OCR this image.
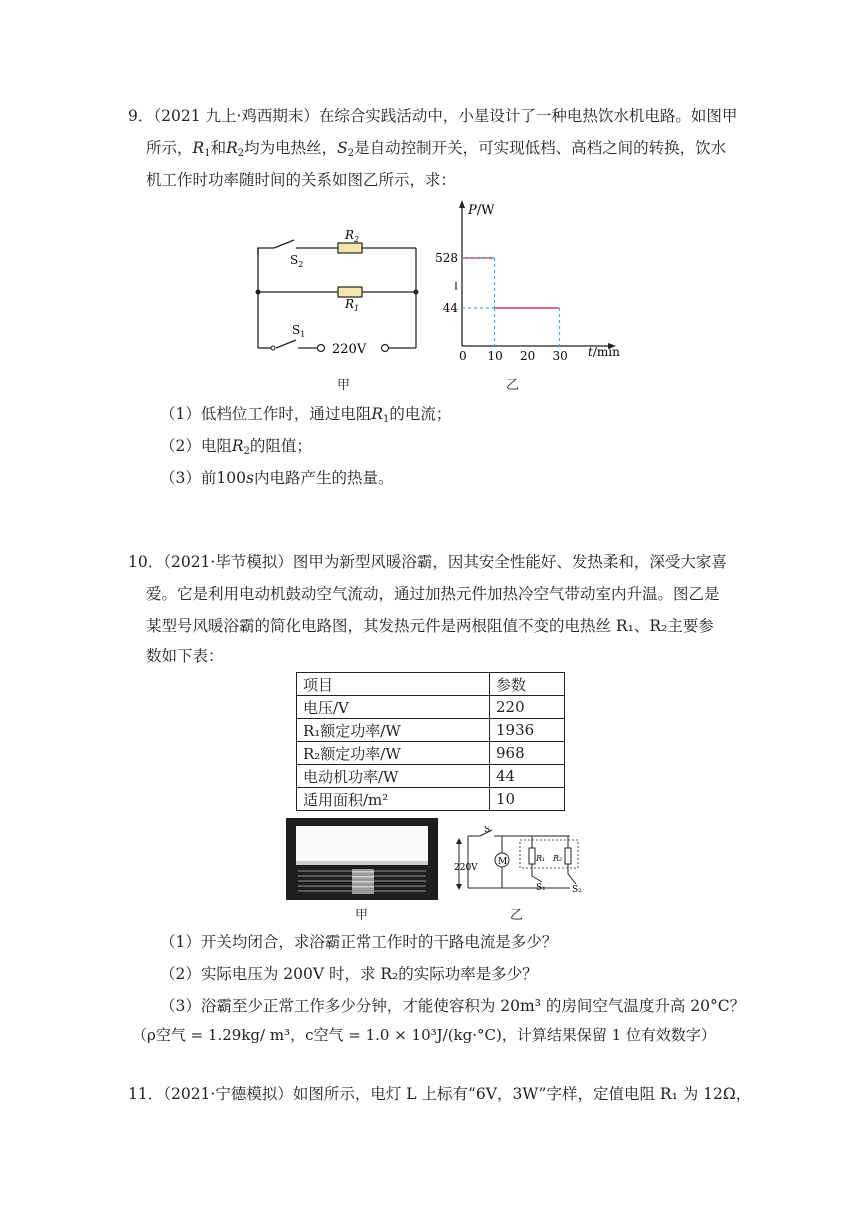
9．（2021 九上·鸡西期末）在综合实践活动中，小星设计了一种电热饮水机电路。如图甲
所示，$R_1$和$R_2$均为电热丝，$S_2$是自动控制开关，可实现低档、高档之间的转换，饮水
机工作时功率随时间的关系如图乙所示，求：
$R_2$
$R_1$
$S_2$
$S_1$
220V
甲
P/W
t/min
0 10 20 30
528
44
乙
（1）低档位工作时，通过电阻$R_1$的电流；
（2）电阻$R_2$的阻值；
（3）前100s内电路产生的热量。
10．（2021·毕节模拟）图甲为新型风暖浴霸，因其安全性能好、发热柔和，深受大家喜
爱。它是利用电动机鼓动空气流动，通过加热元件加热冷空气带动室内升温。图乙是
某型号风暖浴霸的简化电路图，其发热元件是两根阻值不变的电热丝 R₁、R₂主要参
数如下表：
项目	参数
电压/V	220
R₁额定功率/W	1936
R₂额定功率/W	968
电动机功率/W	44
适用面积/m²	10
甲
M
S
220V
R₁ R₂
S₁	S₂
乙
（1）开关均闭合，求浴霸正常工作时的干路电流是多少？
（2）实际电压为 200V 时，求 R₂的实际功率是多少？
（3）浴霸至少正常工作多少分钟，才能使容积为 20m³ 的房间空气温度升高 20°C？
（ρ空气 = 1.29kg/ m³，c空气 = 1.0 × 10³J/(kg·°C)，计算结果保留 1 位有效数字）
11．（2021·宁德模拟）如图所示，电灯 L 上标有“6V，3W”字样，定值电阻 R₁ 为 12Ω，
